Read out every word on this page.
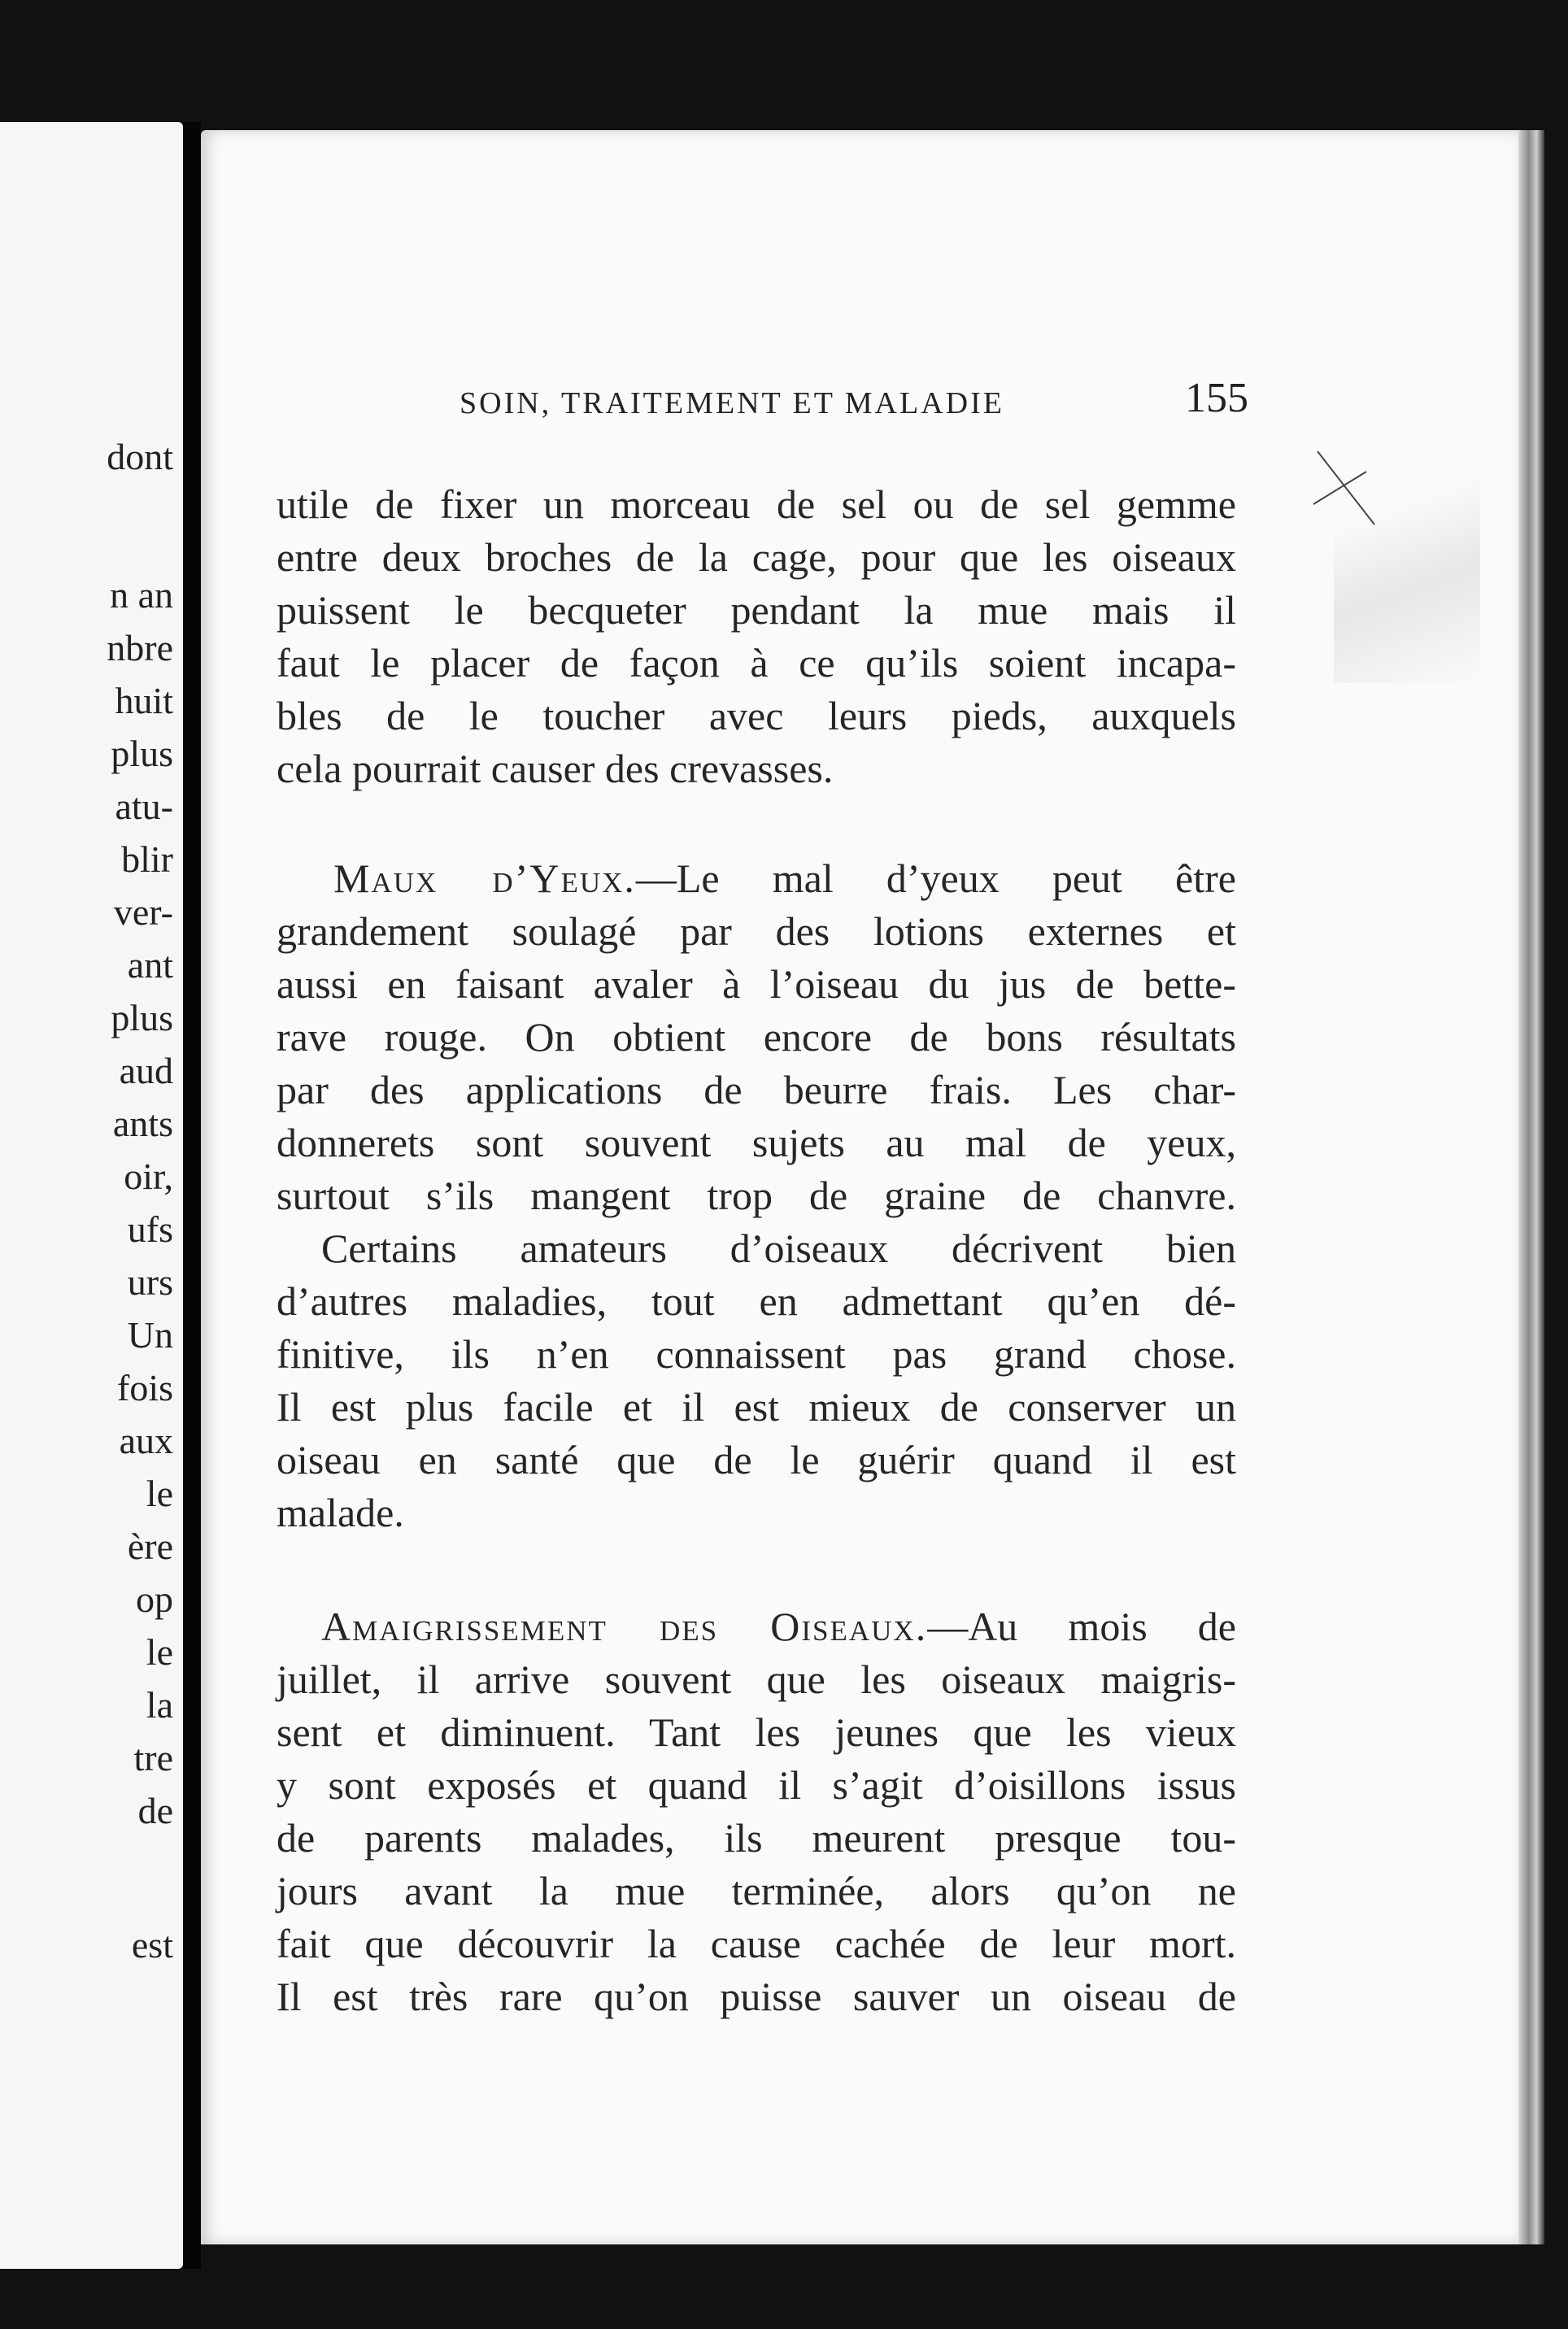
dont
n an
nbre
huit
plus
atu-
blir
ver-
ant
plus
aud
ants
oir,
ufs
urs
Un
fois
aux
le
ère
op
le
la
tre
de
est
SOIN, TRAITEMENT ET MALADIE	155
utile de fixer un morceau de sel ou de sel gemme
entre deux broches de la cage, pour que les oiseaux
puissent le becqueter pendant la mue mais il
faut le placer de façon à ce qu’ils soient incapa-
bles de le toucher avec leurs pieds, auxquels
cela pourrait causer des crevasses.
Maux d’Yeux.—Le mal d’yeux peut être
grandement soulagé par des lotions externes et
aussi en faisant avaler à l’oiseau du jus de bette-
rave rouge. On obtient encore de bons résultats
par des applications de beurre frais. Les char-
donnerets sont souvent sujets au mal de yeux,
surtout s’ils mangent trop de graine de chanvre.
Certains amateurs d’oiseaux décrivent bien
d’autres maladies, tout en admettant qu’en dé-
finitive, ils n’en connaissent pas grand chose.
Il est plus facile et il est mieux de conserver un
oiseau en santé que de le guérir quand il est
malade.
Amaigrissement des Oiseaux.—Au mois de
juillet, il arrive souvent que les oiseaux maigris-
sent et diminuent. Tant les jeunes que les vieux
y sont exposés et quand il s’agit d’oisillons issus
de parents malades, ils meurent presque tou-
jours avant la mue terminée, alors qu’on ne
fait que découvrir la cause cachée de leur mort.
Il est très rare qu’on puisse sauver un oiseau de
